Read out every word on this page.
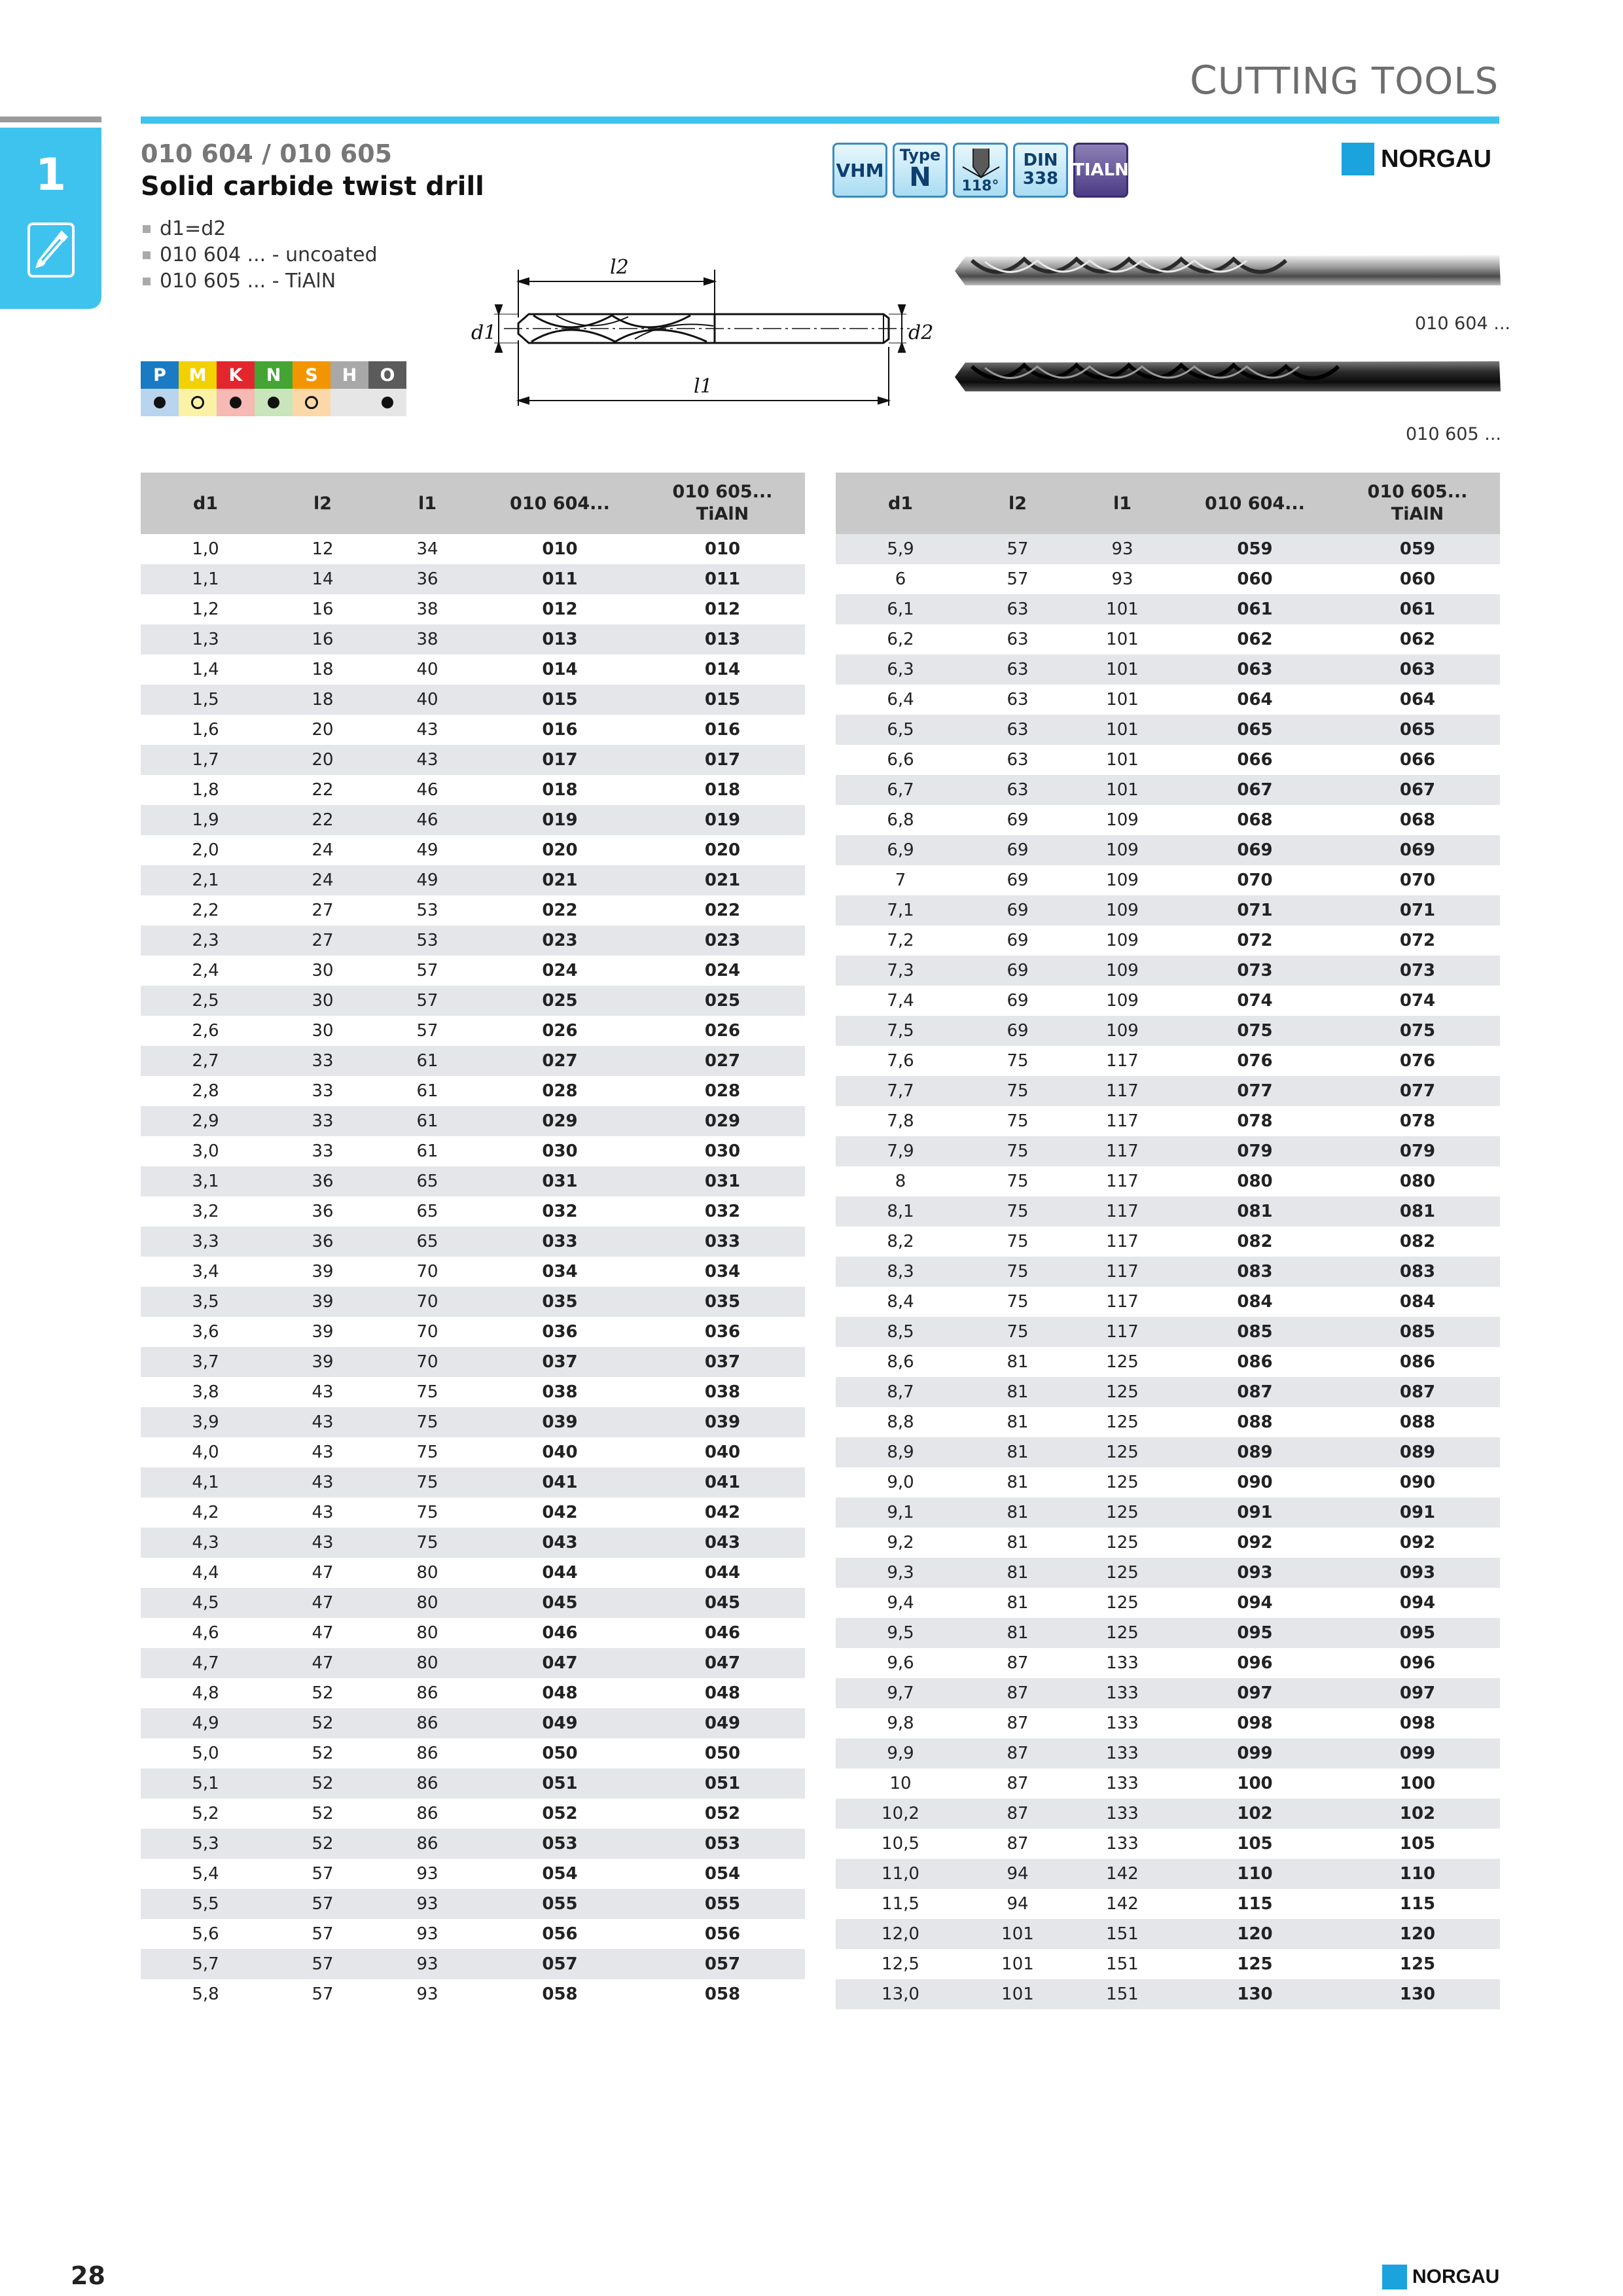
CUTTING TOOLS
1	010 604 / 010 605
Solid carbide twist drill
d1=d2
010 604 ... - uncoated
010 605 ... - TiAlN
VHM
Type
N	118°
DIN
338 TIALN	NORGAU
P	M	K	N	S	H	O
l2
l1
d1	d2	010 604 ...
010 605 ...
d1	l2	l1	010 604...	010 605...
TiAlN

1,0	12	34	010	010
1,1	14	36	011	011
1,2	16	38	012	012
1,3	16	38	013	013
1,4	18	40	014	014
1,5	18	40	015	015
1,6	20	43	016	016
1,7	20	43	017	017
1,8	22	46	018	018
1,9	22	46	019	019
2,0	24	49	020	020
2,1	24	49	021	021
2,2	27	53	022	022
2,3	27	53	023	023
2,4	30	57	024	024
2,5	30	57	025	025
2,6	30	57	026	026
2,7	33	61	027	027
2,8	33	61	028	028
2,9	33	61	029	029
3,0	33	61	030	030
3,1	36	65	031	031
3,2	36	65	032	032
3,3	36	65	033	033
3,4	39	70	034	034
3,5	39	70	035	035
3,6	39	70	036	036
3,7	39	70	037	037
3,8	43	75	038	038
3,9	43	75	039	039
4,0	43	75	040	040
4,1	43	75	041	041
4,2	43	75	042	042
4,3	43	75	043	043
4,4	47	80	044	044
4,5	47	80	045	045
4,6	47	80	046	046
4,7	47	80	047	047
4,8	52	86	048	048
4,9	52	86	049	049
5,0	52	86	050	050
5,1	52	86	051	051
5,2	52	86	052	052
5,3	52	86	053	053
5,4	57	93	054	054
5,5	57	93	055	055
5,6	57	93	056	056
5,7	57	93	057	057
5,8	57	93	058	058
d1	l2	l1	010 604...	010 605...
TiAlN

5,9	57	93	059	059
6	57	93	060	060
6,1	63	101	061	061
6,2	63	101	062	062
6,3	63	101	063	063
6,4	63	101	064	064
6,5	63	101	065	065
6,6	63	101	066	066
6,7	63	101	067	067
6,8	69	109	068	068
6,9	69	109	069	069
7	69	109	070	070
7,1	69	109	071	071
7,2	69	109	072	072
7,3	69	109	073	073
7,4	69	109	074	074
7,5	69	109	075	075
7,6	75	117	076	076
7,7	75	117	077	077
7,8	75	117	078	078
7,9	75	117	079	079
8	75	117	080	080
8,1	75	117	081	081
8,2	75	117	082	082
8,3	75	117	083	083
8,4	75	117	084	084
8,5	75	117	085	085
8,6	81	125	086	086
8,7	81	125	087	087
8,8	81	125	088	088
8,9	81	125	089	089
9,0	81	125	090	090
9,1	81	125	091	091
9,2	81	125	092	092
9,3	81	125	093	093
9,4	81	125	094	094
9,5	81	125	095	095
9,6	87	133	096	096
9,7	87	133	097	097
9,8	87	133	098	098
9,9	87	133	099	099
10	87	133	100	100
10,2	87	133	102	102
10,5	87	133	105	105
11,0	94	142	110	110
11,5	94	142	115	115
12,0	101	151	120	120
12,5	101	151	125	125
13,0	101	151	130	130
28	NORGAU
